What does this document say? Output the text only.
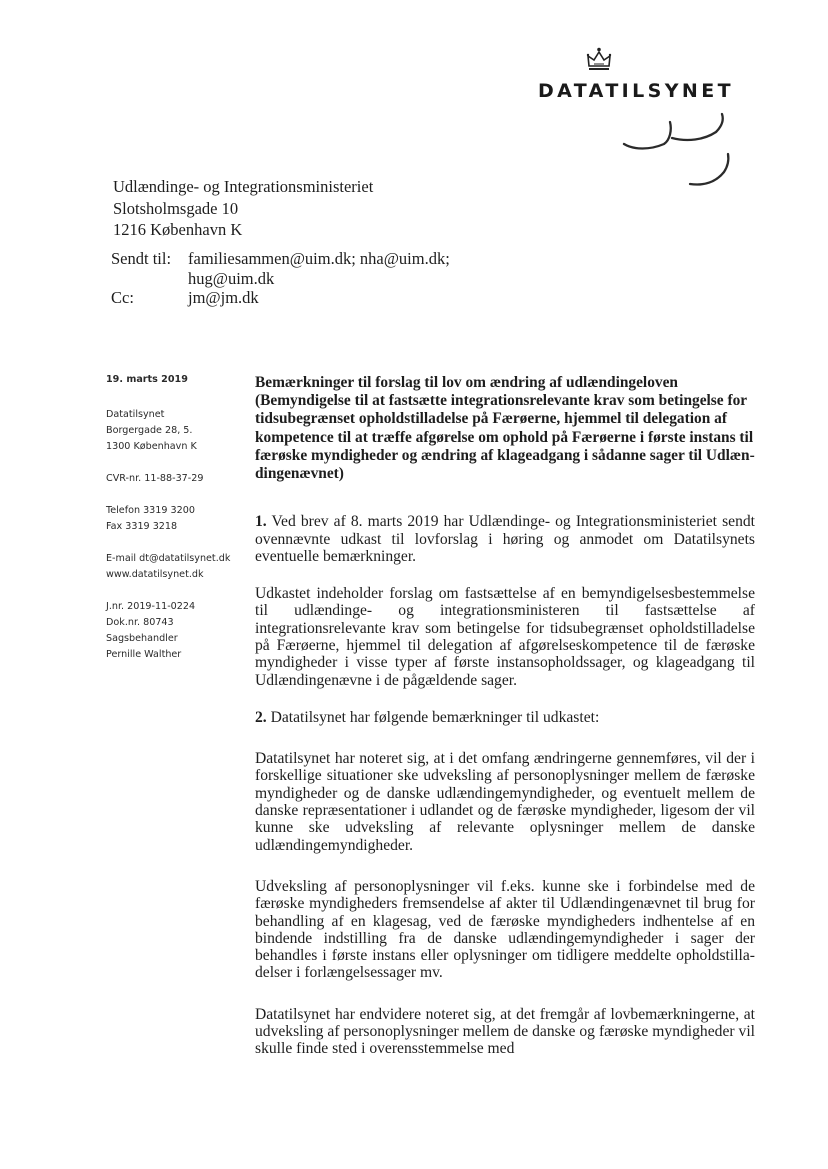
DATATILSYNET
Udlændinge- og Integrationsministeriet
Slotsholmsgade 10
1216 København K
Sendt til:	familiesammen@uim.dk; nha@uim.dk;
hug@uim.dk
Cc:	jm@jm.dk
19. marts 2019
Datatilsynet
Borgergade 28, 5.
1300 København K
CVR-nr. 11-88-37-29
Telefon 3319 3200
Fax 3319 3218
E-mail dt@datatilsynet.dk
www.datatilsynet.dk
J.nr. 2019-11-0224
Dok.nr. 80743
Sagsbehandler
Pernille Walther

Bemærkninger til forslag til lov om ændring af udlændingeloven (Bemyndigelse til at fastsætte integrationsrelevante krav som betingelse for tidsubegrænset opholdstilladelse på Færøerne, hjemmel til delegation af kompetence til at træffe afgørelse om ophold på Færøerne i første instans til færøske myndigheder og ændring af klageadgang i sådanne sager til Udlændingenævnet)

1. Ved brev af 8. marts 2019 har Udlændinge- og Integrationsministeriet sendt ovennævnte udkast til lovforslag i høring og anmodet om Datatilsynets eventuelle bemærkninger.

Udkastet indeholder forslag om fastsættelse af en bemyndigelsesbestemmelse til udlændinge- og integrationsministeren til fastsættelse af integrationsrelevante krav som betingelse for tidsubegrænset opholdstilladelse på Færøerne, hjemmel til delegation af afgørelseskompetence til de færøske myndigheder i visse typer af første instansopholdssager, og klageadgang til Udlændingenævne i de pågældende sager.

2. Datatilsynet har følgende bemærkninger til udkastet:

Datatilsynet har noteret sig, at i det omfang ændringerne gennemføres, vil der i forskellige situationer ske udveksling af personoplysninger mellem de færøske myndigheder og de danske udlændingemyndigheder, og eventuelt mellem de danske repræsentationer i udlandet og de færøske myndigheder, ligesom der vil kunne ske udveksling af relevante oplysninger mellem de danske udlændingemyndigheder.

Udveksling af personoplysninger vil f.eks. kunne ske i forbindelse med de færøske myndigheders fremsendelse af akter til Udlændingenævnet til brug for behandling af en klagesag, ved de færøske myndigheders indhentelse af en bindende indstilling fra de danske udlændingemyndigheder i sager der behandles i første instans eller oplysninger om tidligere meddelte opholdstilladelser i forlængelsessager mv.

Datatilsynet har endvidere noteret sig, at det fremgår af lovbemærkningerne, at udveksling af personoplysninger mellem de danske og færøske myndigheder vil skulle finde sted i overensstemmelse med
